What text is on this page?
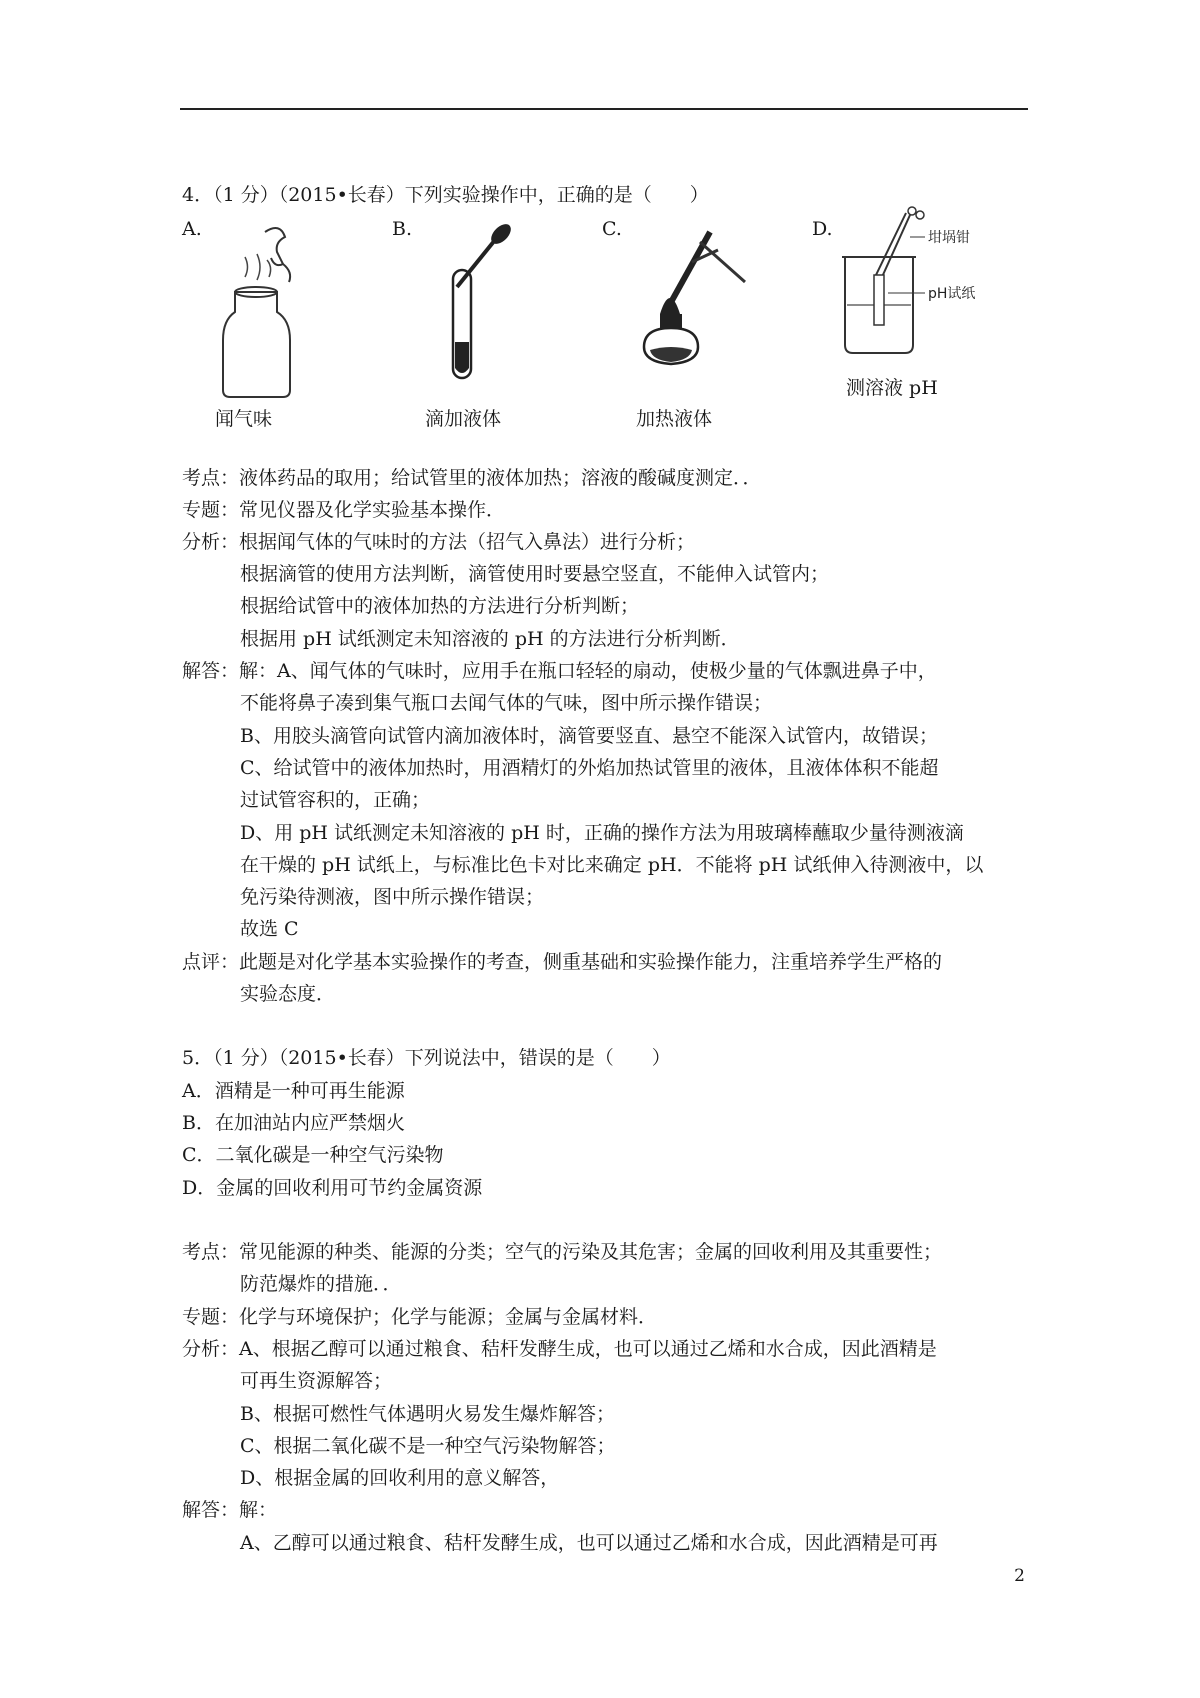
4．（1 分）（2015•长春）下列实验操作中，正确的是（　　）
A.	B.	C.	D.	坩埚钳
pH试纸
闻气味	滴加液体	加热液体
测溶液 pH
考点：液体药品的取用；给试管里的液体加热；溶液的酸碱度测定．．
专题：常见仪器及化学实验基本操作．
分析：根据闻气体的气味时的方法（招气入鼻法）进行分析；
根据滴管的使用方法判断，滴管使用时要悬空竖直，不能伸入试管内；
根据给试管中的液体加热的方法进行分析判断；
根据用 pH 试纸测定未知溶液的 pH 的方法进行分析判断．
解答：解：A、闻气体的气味时，应用手在瓶口轻轻的扇动，使极少量的气体飘进鼻子中，
不能将鼻子凑到集气瓶口去闻气体的气味，图中所示操作错误；
B、用胶头滴管向试管内滴加液体时，滴管要竖直、悬空不能深入试管内，故错误；
C、给试管中的液体加热时，用酒精灯的外焰加热试管里的液体，且液体体积不能超
过试管容积的，正确；
D、用 pH 试纸测定未知溶液的 pH 时，正确的操作方法为用玻璃棒蘸取少量待测液滴
在干燥的 pH 试纸上，与标准比色卡对比来确定 pH．不能将 pH 试纸伸入待测液中，以
免污染待测液，图中所示操作错误；
故选 C
点评：此题是对化学基本实验操作的考查，侧重基础和实验操作能力，注重培养学生严格的
实验态度．
5．（1 分）（2015•长春）下列说法中，错误的是（　　）
A．酒精是一种可再生能源
B．在加油站内应严禁烟火
C．二氧化碳是一种空气污染物
D．金属的回收利用可节约金属资源
考点：常见能源的种类、能源的分类；空气的污染及其危害；金属的回收利用及其重要性；
防范爆炸的措施．．
专题：化学与环境保护；化学与能源；金属与金属材料．
分析：A、根据乙醇可以通过粮食、秸杆发酵生成，也可以通过乙烯和水合成，因此酒精是
可再生资源解答；
B、根据可燃性气体遇明火易发生爆炸解答；
C、根据二氧化碳不是一种空气污染物解答；
D、根据金属的回收利用的意义解答，
解答：解：
A、乙醇可以通过粮食、秸杆发酵生成，也可以通过乙烯和水合成，因此酒精是可再
2
